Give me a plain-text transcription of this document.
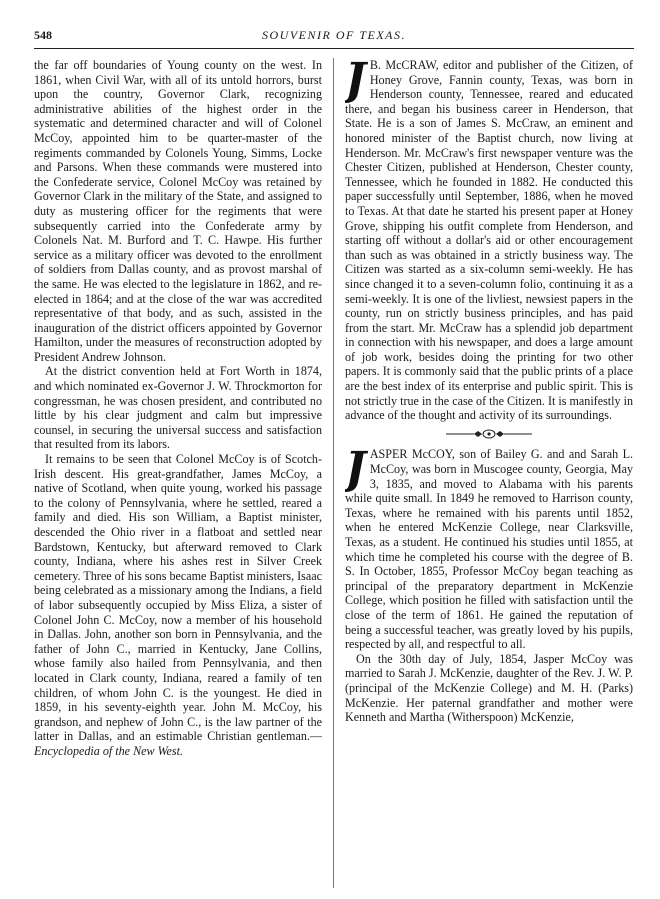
548	SOUVENIR OF TEXAS.

the far off boundaries of Young county on the west. In 1861, when Civil War, with all of its untold horrors, burst upon the country, Governor Clark, recognizing administrative abilities of the highest order in the systematic and determined character and will of Colonel McCoy, appointed him to be quarter-master of the regiments commanded by Colonels Young, Simms, Locke and Parsons. When these commands were mustered into the Confederate service, Colonel McCoy was retained by Governor Clark in the military of the State, and assigned to duty as mustering officer for the regiments that were subsequently carried into the Confederate army by Colonels Nat. M. Burford and T. C. Hawpe. His further service as a military officer was devoted to the enrollment of soldiers from Dallas county, and as provost marshal of the same. He was elected to the legislature in 1862, and re-elected in 1864; and at the close of the war was accredited representative of that body, and as such, assisted in the inauguration of the district officers appointed by Governor Hamilton, under the measures of reconstruction adopted by President Andrew Johnson.

At the district convention held at Fort Worth in 1874, and which nominated ex-Governor J. W. Throckmorton for congressman, he was chosen president, and contributed no little by his clear judgment and calm but impressive counsel, in securing the universal success and satisfaction that resulted from its labors.

It remains to be seen that Colonel McCoy is of Scotch-Irish descent. His great-grandfather, James McCoy, a native of Scotland, when quite young, worked his passage to the colony of Pennsylvania, where he settled, reared a family and died. His son William, a Baptist minister, descended the Ohio river in a flatboat and settled near Bardstown, Kentucky, but afterward removed to Clark county, Indiana, where his ashes rest in Silver Creek cemetery. Three of his sons became Baptist ministers, Isaac being celebrated as a missionary among the Indians, a field of labor subsequently occupied by Miss Eliza, a sister of Colonel John C. McCoy, now a member of his household in Dallas. John, another son born in Pennsylvania, and the father of John C., married in Kentucky, Jane Collins, whose family also hailed from Pennsylvania, and then located in Clark county, Indiana, reared a family of ten children, of whom John C. is the youngest. He died in 1859, in his seventy-eighth year. John M. McCoy, his grandson, and nephew of John C., is the law partner of the latter in Dallas, and an estimable Christian gentleman.—Encyclopedia of the New West.

J B. McCRAW, editor and publisher of the Citizen, of Honey Grove, Fannin county, Texas, was born in Henderson county, Tennessee, reared and educated there, and began his business career in Henderson, that State. He is a son of James S. McCraw, an eminent and honored minister of the Baptist church, now living at Henderson. Mr. McCraw's first newspaper venture was the Chester Citizen, published at Henderson, Chester county, Tennessee, which he founded in 1882. He conducted this paper successfully until September, 1886, when he moved to Texas. At that date he started his present paper at Honey Grove, shipping his outfit complete from Henderson, and starting off without a dollar's aid or other encouragement than such as was obtained in a strictly business way. The Citizen was started as a six-column semi-weekly. He has since changed it to a seven-column folio, continuing it as a semi-weekly. It is one of the livliest, newsiest papers in the county, run on strictly business principles, and has paid from the start. Mr. McCraw has a splendid job department in connection with his newspaper, and does a large amount of job work, besides doing the printing for two other papers. It is commonly said that the public prints of a place are the best index of its enterprise and public spirit. This is not strictly true in the case of the Citizen. It is manifestly in advance of the thought and activity of its surroundings.

JASPER McCOY, son of Bailey G. and and Sarah L. McCoy, was born in Muscogee county, Georgia, May 3, 1835, and moved to Alabama with his parents while quite small. In 1849 he removed to Harrison county, Texas, where he remained with his parents until 1852, when he entered McKenzie College, near Clarksville, Texas, as a student. He continued his studies until 1855, at which time he completed his course with the degree of B. S. In October, 1855, Professor McCoy began teaching as principal of the preparatory department in McKenzie College, which position he filled with satisfaction until the close of the term of 1861. He gained the reputation of being a successful teacher, was greatly loved by his pupils, respected by all, and respectful to all.

On the 30th day of July, 1854, Jasper McCoy was married to Sarah J. McKenzie, daughter of the Rev. J. W. P. (principal of the McKenzie College) and M. H. (Parks) McKenzie. Her paternal grandfather and mother were Kenneth and Martha (Witherspoon) McKenzie,
